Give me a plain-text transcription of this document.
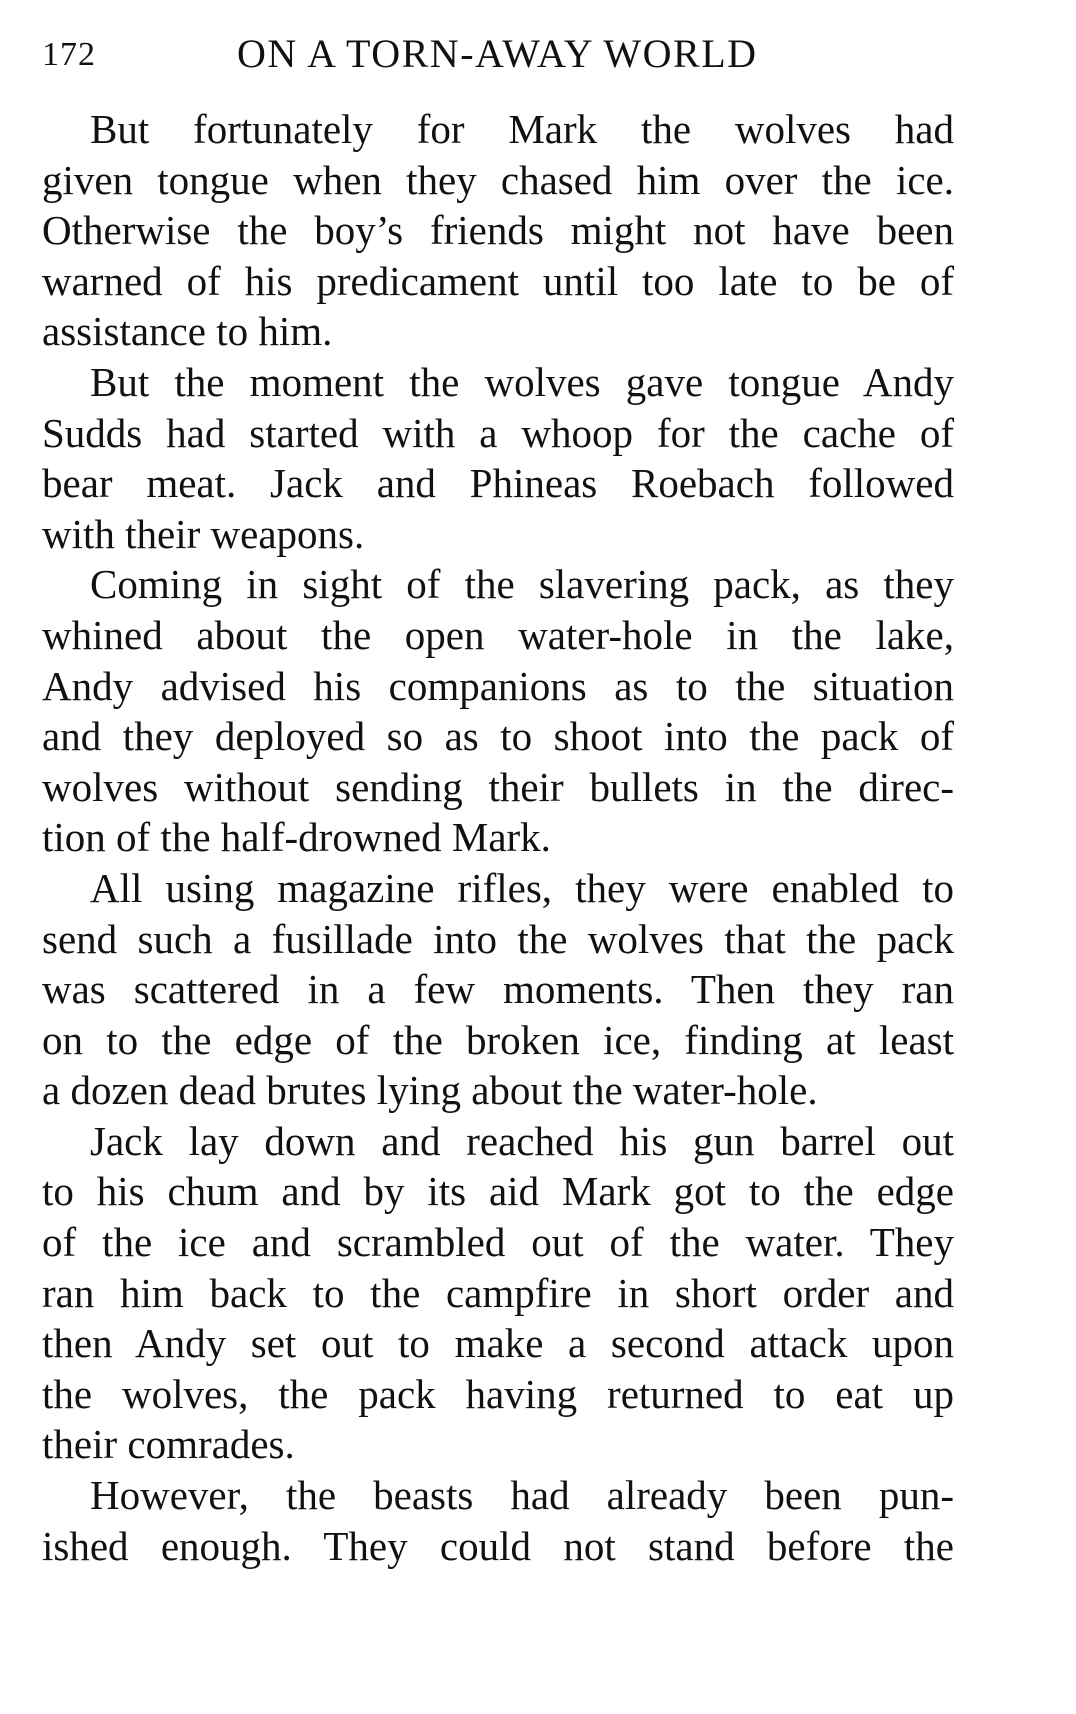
172	ON A TORN-AWAY WORLD

But fortunately for Mark the wolves had
given tongue when they chased him over the ice.
Otherwise the boy’s friends might not have been
warned of his predicament until too late to be of
assistance to him.

But the moment the wolves gave tongue Andy
Sudds had started with a whoop for the cache of
bear meat. Jack and Phineas Roebach followed
with their weapons.

Coming in sight of the slavering pack, as they
whined about the open water-hole in the lake,
Andy advised his companions as to the situation
and they deployed so as to shoot into the pack of
wolves without sending their bullets in the direc-
tion of the half-drowned Mark.

All using magazine rifles, they were enabled to
send such a fusillade into the wolves that the pack
was scattered in a few moments. Then they ran
on to the edge of the broken ice, finding at least
a dozen dead brutes lying about the water-hole.

Jack lay down and reached his gun barrel out
to his chum and by its aid Mark got to the edge
of the ice and scrambled out of the water. They
ran him back to the campfire in short order and
then Andy set out to make a second attack upon
the wolves, the pack having returned to eat up
their comrades.

However, the beasts had already been pun-
ished enough. They could not stand before the
